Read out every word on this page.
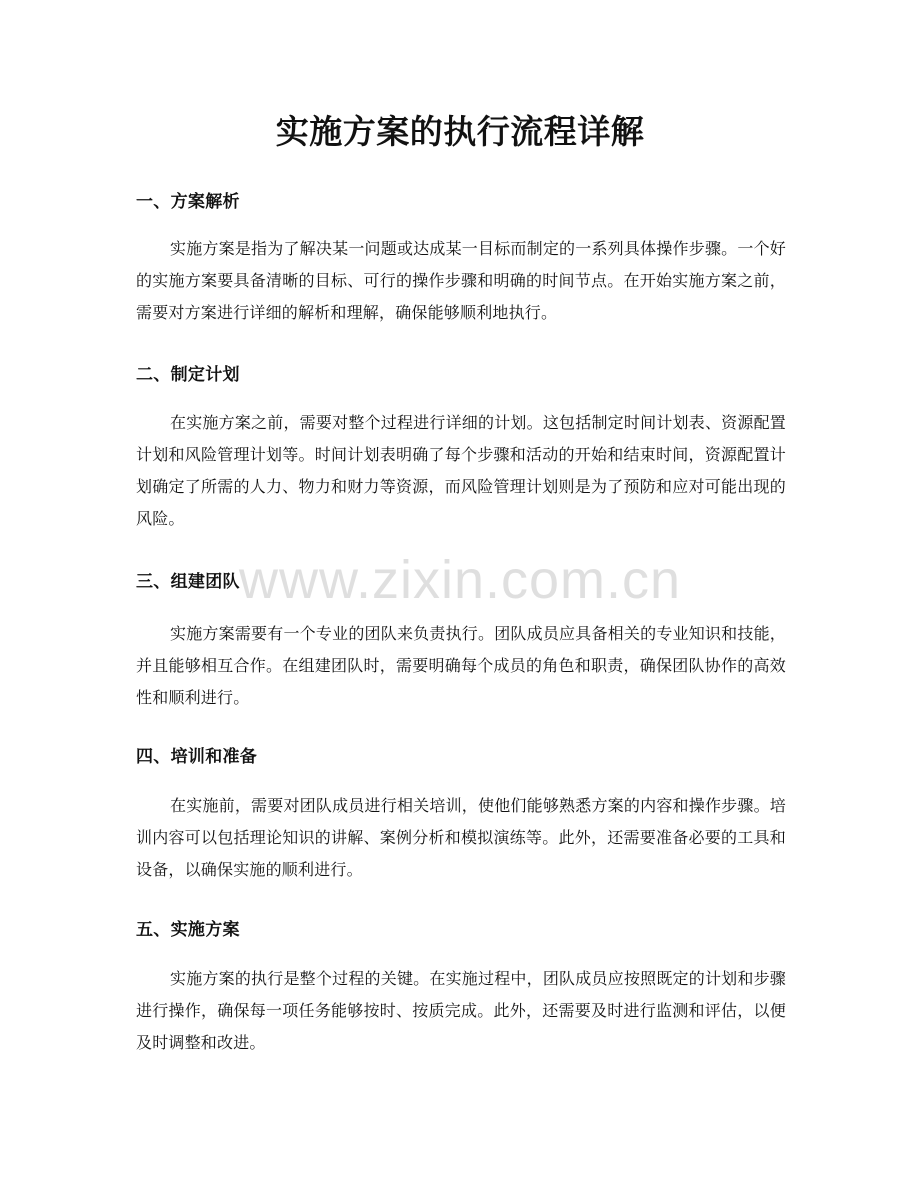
实施方案的执行流程详解
一、方案解析
实施方案是指为了解决某一问题或达成某一目标而制定的一系列具体操作步骤。一个好的实施方案要具备清晰的目标、可行的操作步骤和明确的时间节点。在开始实施方案之前，需要对方案进行详细的解析和理解，确保能够顺利地执行。
二、制定计划
在实施方案之前，需要对整个过程进行详细的计划。这包括制定时间计划表、资源配置计划和风险管理计划等。时间计划表明确了每个步骤和活动的开始和结束时间，资源配置计划确定了所需的人力、物力和财力等资源，而风险管理计划则是为了预防和应对可能出现的风险。
三、组建团队
实施方案需要有一个专业的团队来负责执行。团队成员应具备相关的专业知识和技能，并且能够相互合作。在组建团队时，需要明确每个成员的角色和职责，确保团队协作的高效性和顺利进行。
四、培训和准备
在实施前，需要对团队成员进行相关培训，使他们能够熟悉方案的内容和操作步骤。培训内容可以包括理论知识的讲解、案例分析和模拟演练等。此外，还需要准备必要的工具和设备，以确保实施的顺利进行。
五、实施方案
实施方案的执行是整个过程的关键。在实施过程中，团队成员应按照既定的计划和步骤进行操作，确保每一项任务能够按时、按质完成。此外，还需要及时进行监测和评估，以便及时调整和改进。
www.zixin.com.cn
